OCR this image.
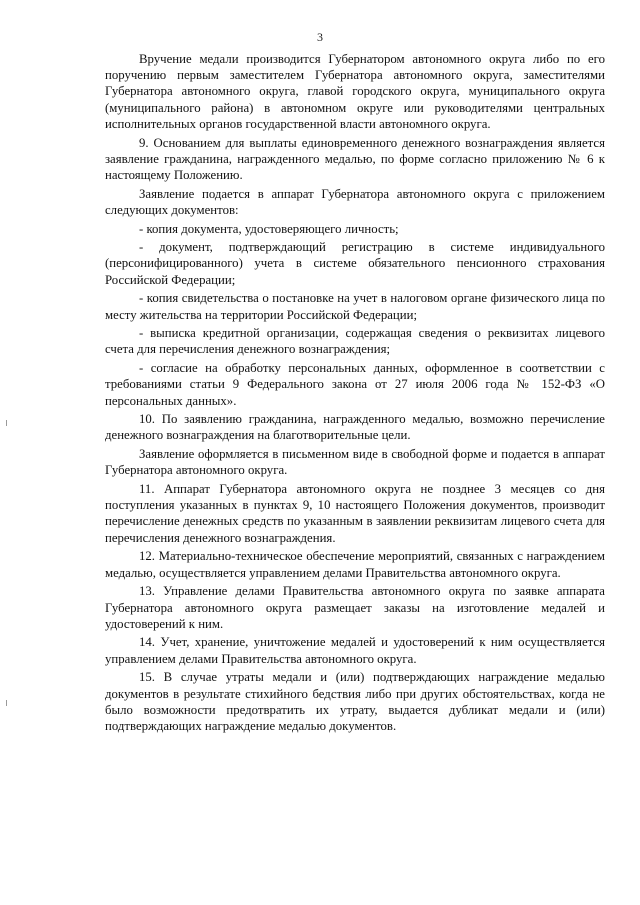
3

Вручение медали производится Губернатором автономного округа либо по его поручению первым заместителем Губернатора автономного округа, заместителями Губернатора автономного округа, главой городского округа, муниципального округа (муниципального района) в автономном округе или руководителями центральных исполнительных органов государственной власти автономного округа.

9. Основанием для выплаты единовременного денежного вознаграждения является заявление гражданина, награжденного медалью, по форме согласно приложению № 6 к настоящему Положению.

Заявление подается в аппарат Губернатора автономного округа с приложением следующих документов:

- копия документа, удостоверяющего личность;

- документ, подтверждающий регистрацию в системе индивидуального (персонифицированного) учета в системе обязательного пенсионного страхования Российской Федерации;

- копия свидетельства о постановке на учет в налоговом органе физического лица по месту жительства на территории Российской Федерации;

- выписка кредитной организации, содержащая сведения о реквизитах лицевого счета для перечисления денежного вознаграждения;

- согласие на обработку персональных данных, оформленное в соответствии с требованиями статьи 9 Федерального закона от 27 июля 2006 года № 152-ФЗ «О персональных данных».

10. По заявлению гражданина, награжденного медалью, возможно перечисление денежного вознаграждения на благотворительные цели.

Заявление оформляется в письменном виде в свободной форме и подается в аппарат Губернатора автономного округа.

11. Аппарат Губернатора автономного округа не позднее 3 месяцев со дня поступления указанных в пунктах 9, 10 настоящего Положения документов, производит перечисление денежных средств по указанным в заявлении реквизитам лицевого счета для перечисления денежного вознаграждения.

12. Материально-техническое обеспечение мероприятий, связанных с награждением медалью, осуществляется управлением делами Правительства автономного округа.

13. Управление делами Правительства автономного округа по заявке аппарата Губернатора автономного округа размещает заказы на изготовление медалей и удостоверений к ним.

14. Учет, хранение, уничтожение медалей и удостоверений к ним осуществляется управлением делами Правительства автономного округа.

15. В случае утраты медали и (или) подтверждающих награждение медалью документов в результате стихийного бедствия либо при других обстоятельствах, когда не было возможности предотвратить их утрату, выдается дубликат медали и (или) подтверждающих награждение медалью документов.
